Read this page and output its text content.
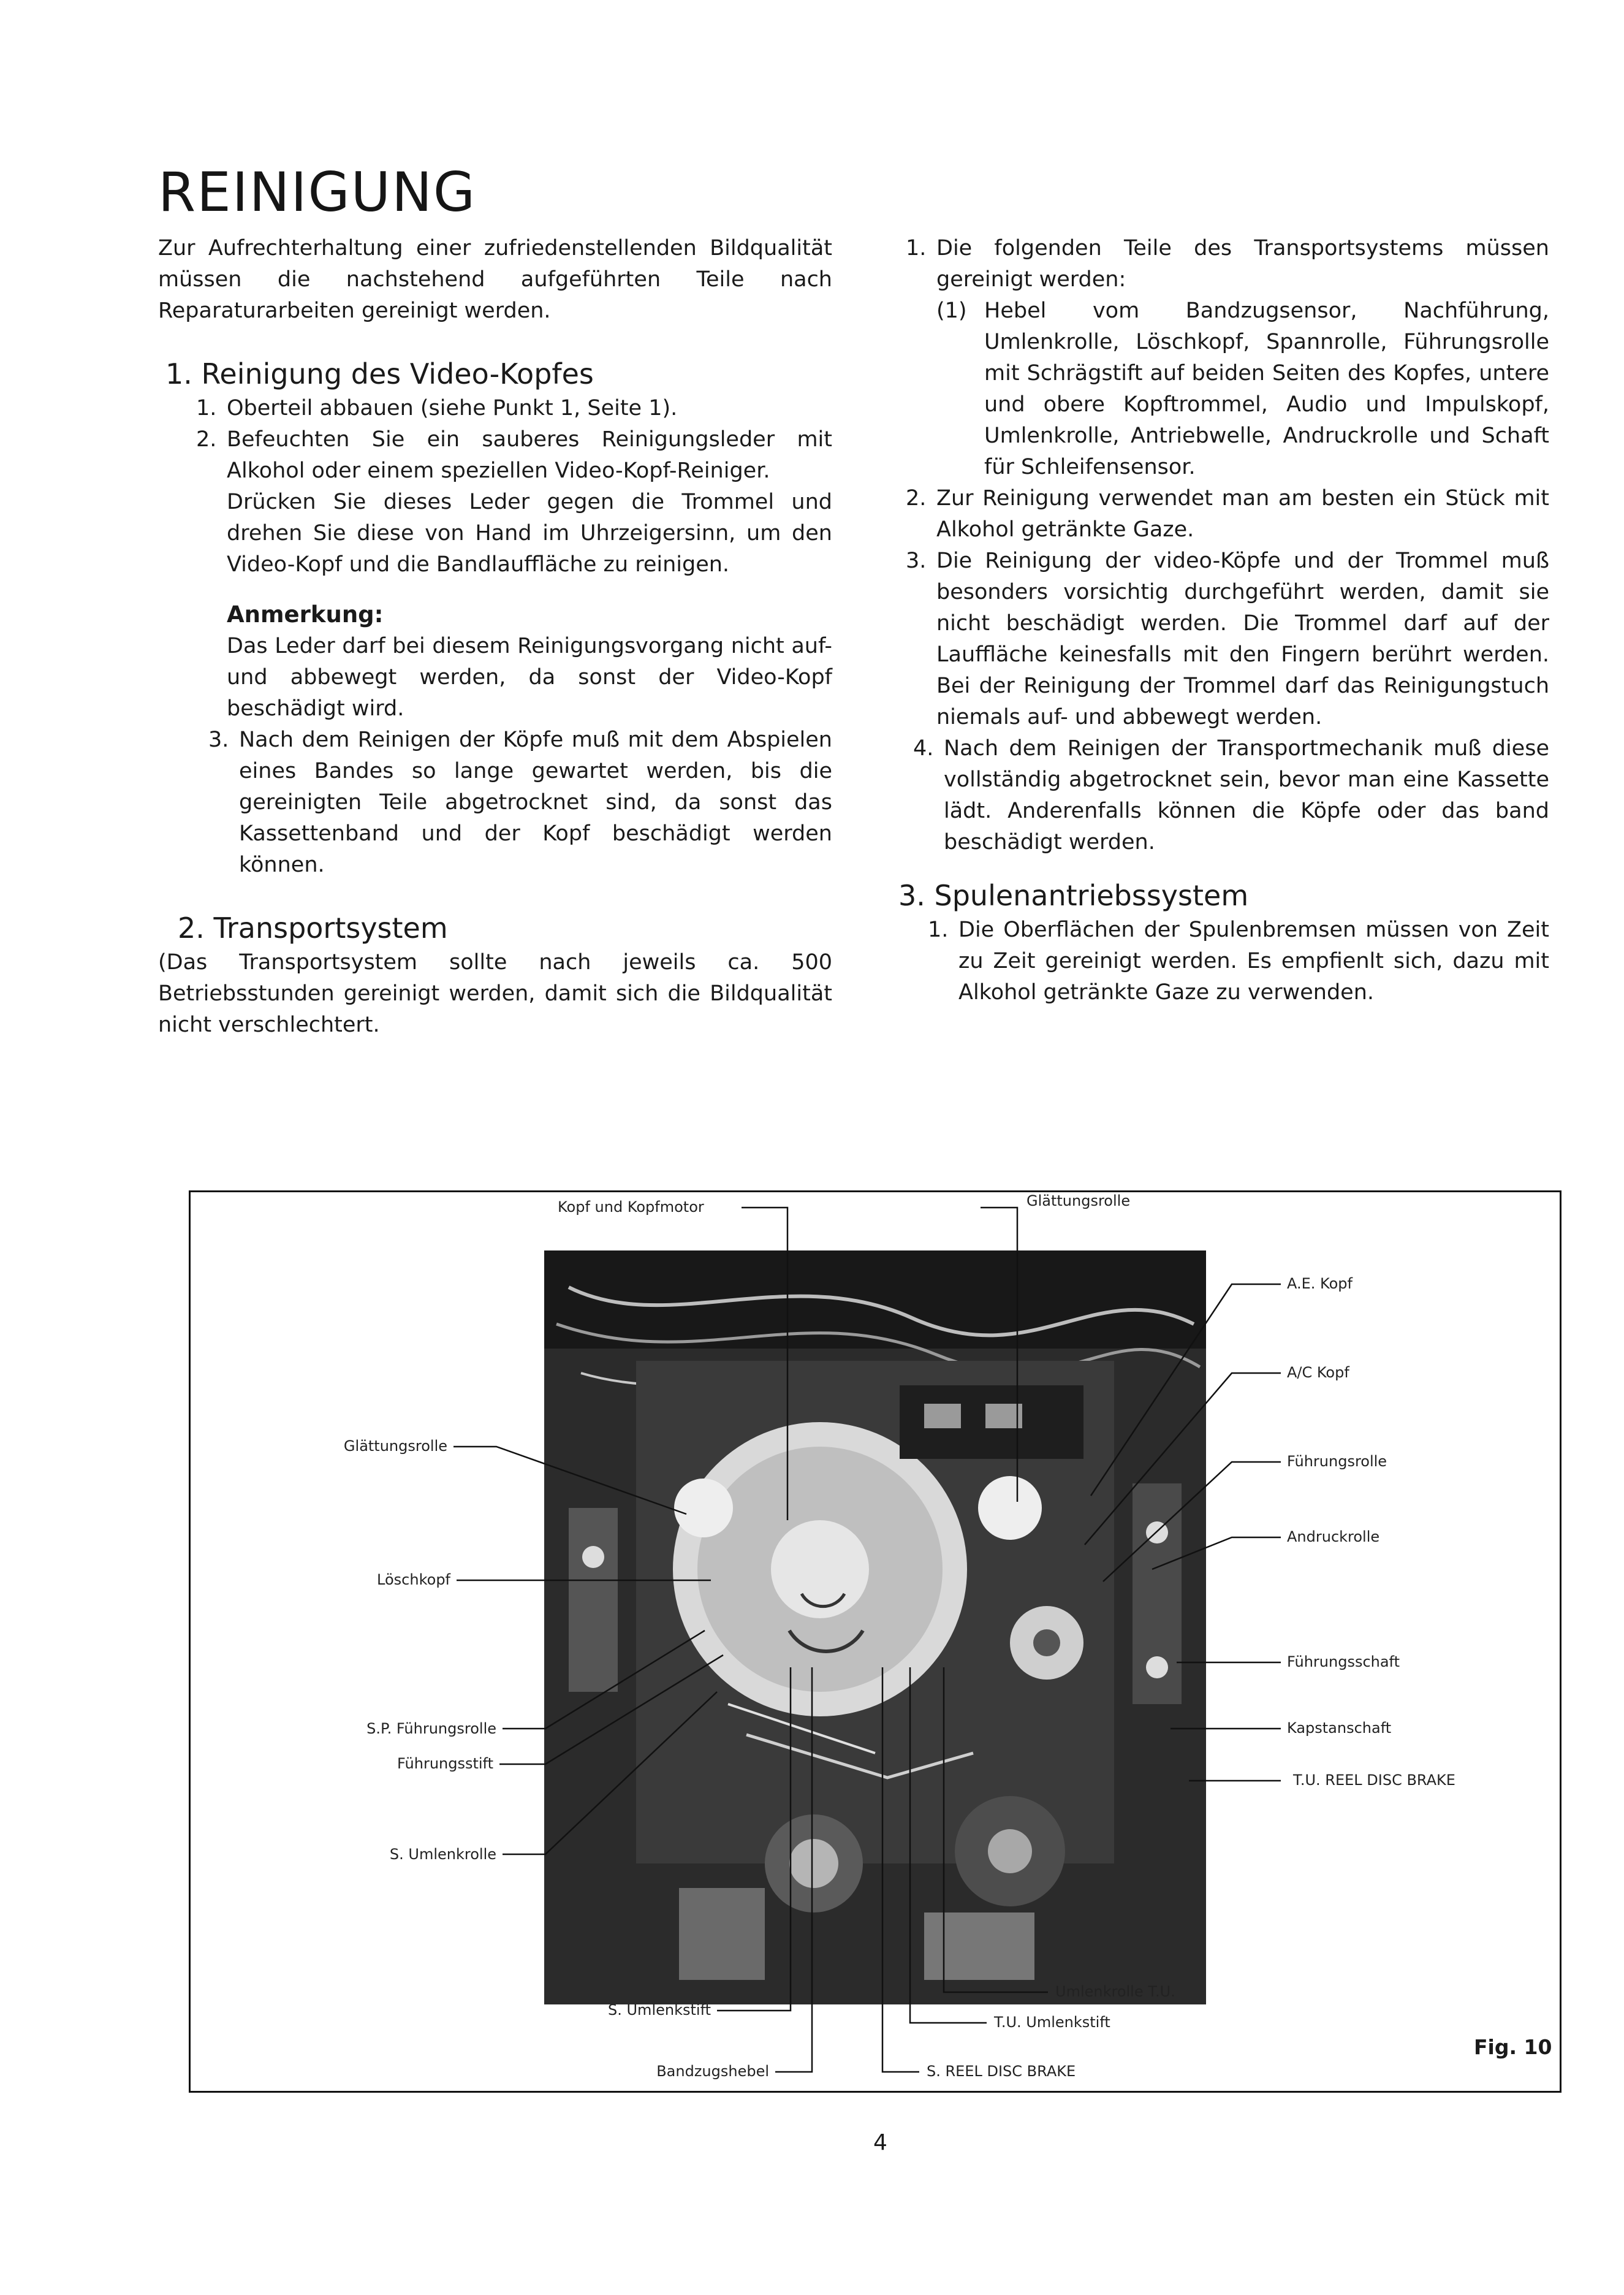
REINIGUNG

Zur Aufrechterhaltung einer zufriedenstellenden Bildqualität müssen die nachstehend aufgeführten Teile nach Reparaturarbeiten gereinigt werden.

1. Reinigung des Video-Kopfes
1. Oberteil abbauen (siehe Punkt 1, Seite 1).

2. Befeuchten Sie ein sauberes Reinigungsleder mit Alkohol oder einem speziellen Video-Kopf-Reiniger.

Drücken Sie dieses Leder gegen die Trommel und drehen Sie diese von Hand im Uhrzeigersinn, um den Video-Kopf und die Bandlauffläche zu reinigen.

Anmerkung:

Das Leder darf bei diesem Reinigungsvorgang nicht auf- und abbewegt werden, da sonst der Video-Kopf beschädigt wird.

3. Nach dem Reinigen der Köpfe muß mit dem Abspielen eines Bandes so lange gewartet werden, bis die gereinigten Teile abgetrocknet sind, da sonst das Kassettenband und der Kopf beschädigt werden können.

2. Transportsystem

(Das Transportsystem sollte nach jeweils ca. 500 Betriebsstunden gereinigt werden, damit sich die Bildqualität nicht verschlechtert.

1. Die folgenden Teile des Transportsystems müssen gereinigt werden:

(1) Hebel vom Bandzugsensor, Nachführung, Umlenkrolle, Löschkopf, Spannrolle, Führungsrolle mit Schrägstift auf beiden Seiten des Kopfes, untere und obere Kopftrommel, Audio und Impulskopf, Umlenkrolle, Antriebwelle, Andruckrolle und Schaft für Schleifensensor.

2. Zur Reinigung verwendet man am besten ein Stück mit Alkohol getränkte Gaze.

3. Die Reinigung der video-Köpfe und der Trommel muß besonders vorsichtig durchgeführt werden, damit sie nicht beschädigt werden. Die Trommel darf auf der Lauffläche keinesfalls mit den Fingern berührt werden. Bei der Reinigung der Trommel darf das Reinigungstuch niemals auf- und abbewegt werden.

4. Nach dem Reinigen der Transportmechanik muß diese vollständig abgetrocknet sein, bevor man eine Kassette lädt. Anderenfalls können die Köpfe oder das band beschädigt werden.

3. Spulenantriebssystem
1. Die Oberflächen der Spulenbremsen müssen von Zeit zu Zeit gereinigt werden. Es empfienlt sich, dazu mit Alkohol getränkte Gaze zu verwenden.

Kopf und Kopfmotor	Glättungsrolle
Glättungsrolle
Löschkopf
S.P. Führungsrolle
Führungsstift
S. Umlenkrolle
A.E. Kopf
A/C Kopf
Führungsrolle
Andruckrolle
Führungsschaft
Kapstanschaft
T.U. REEL DISC BRAKE
S. Umlenkstift
Bandzugshebel
Umlenkrolle T.U.
T.U. Umlenkstift
S. REEL DISC BRAKE
Fig. 10
4
